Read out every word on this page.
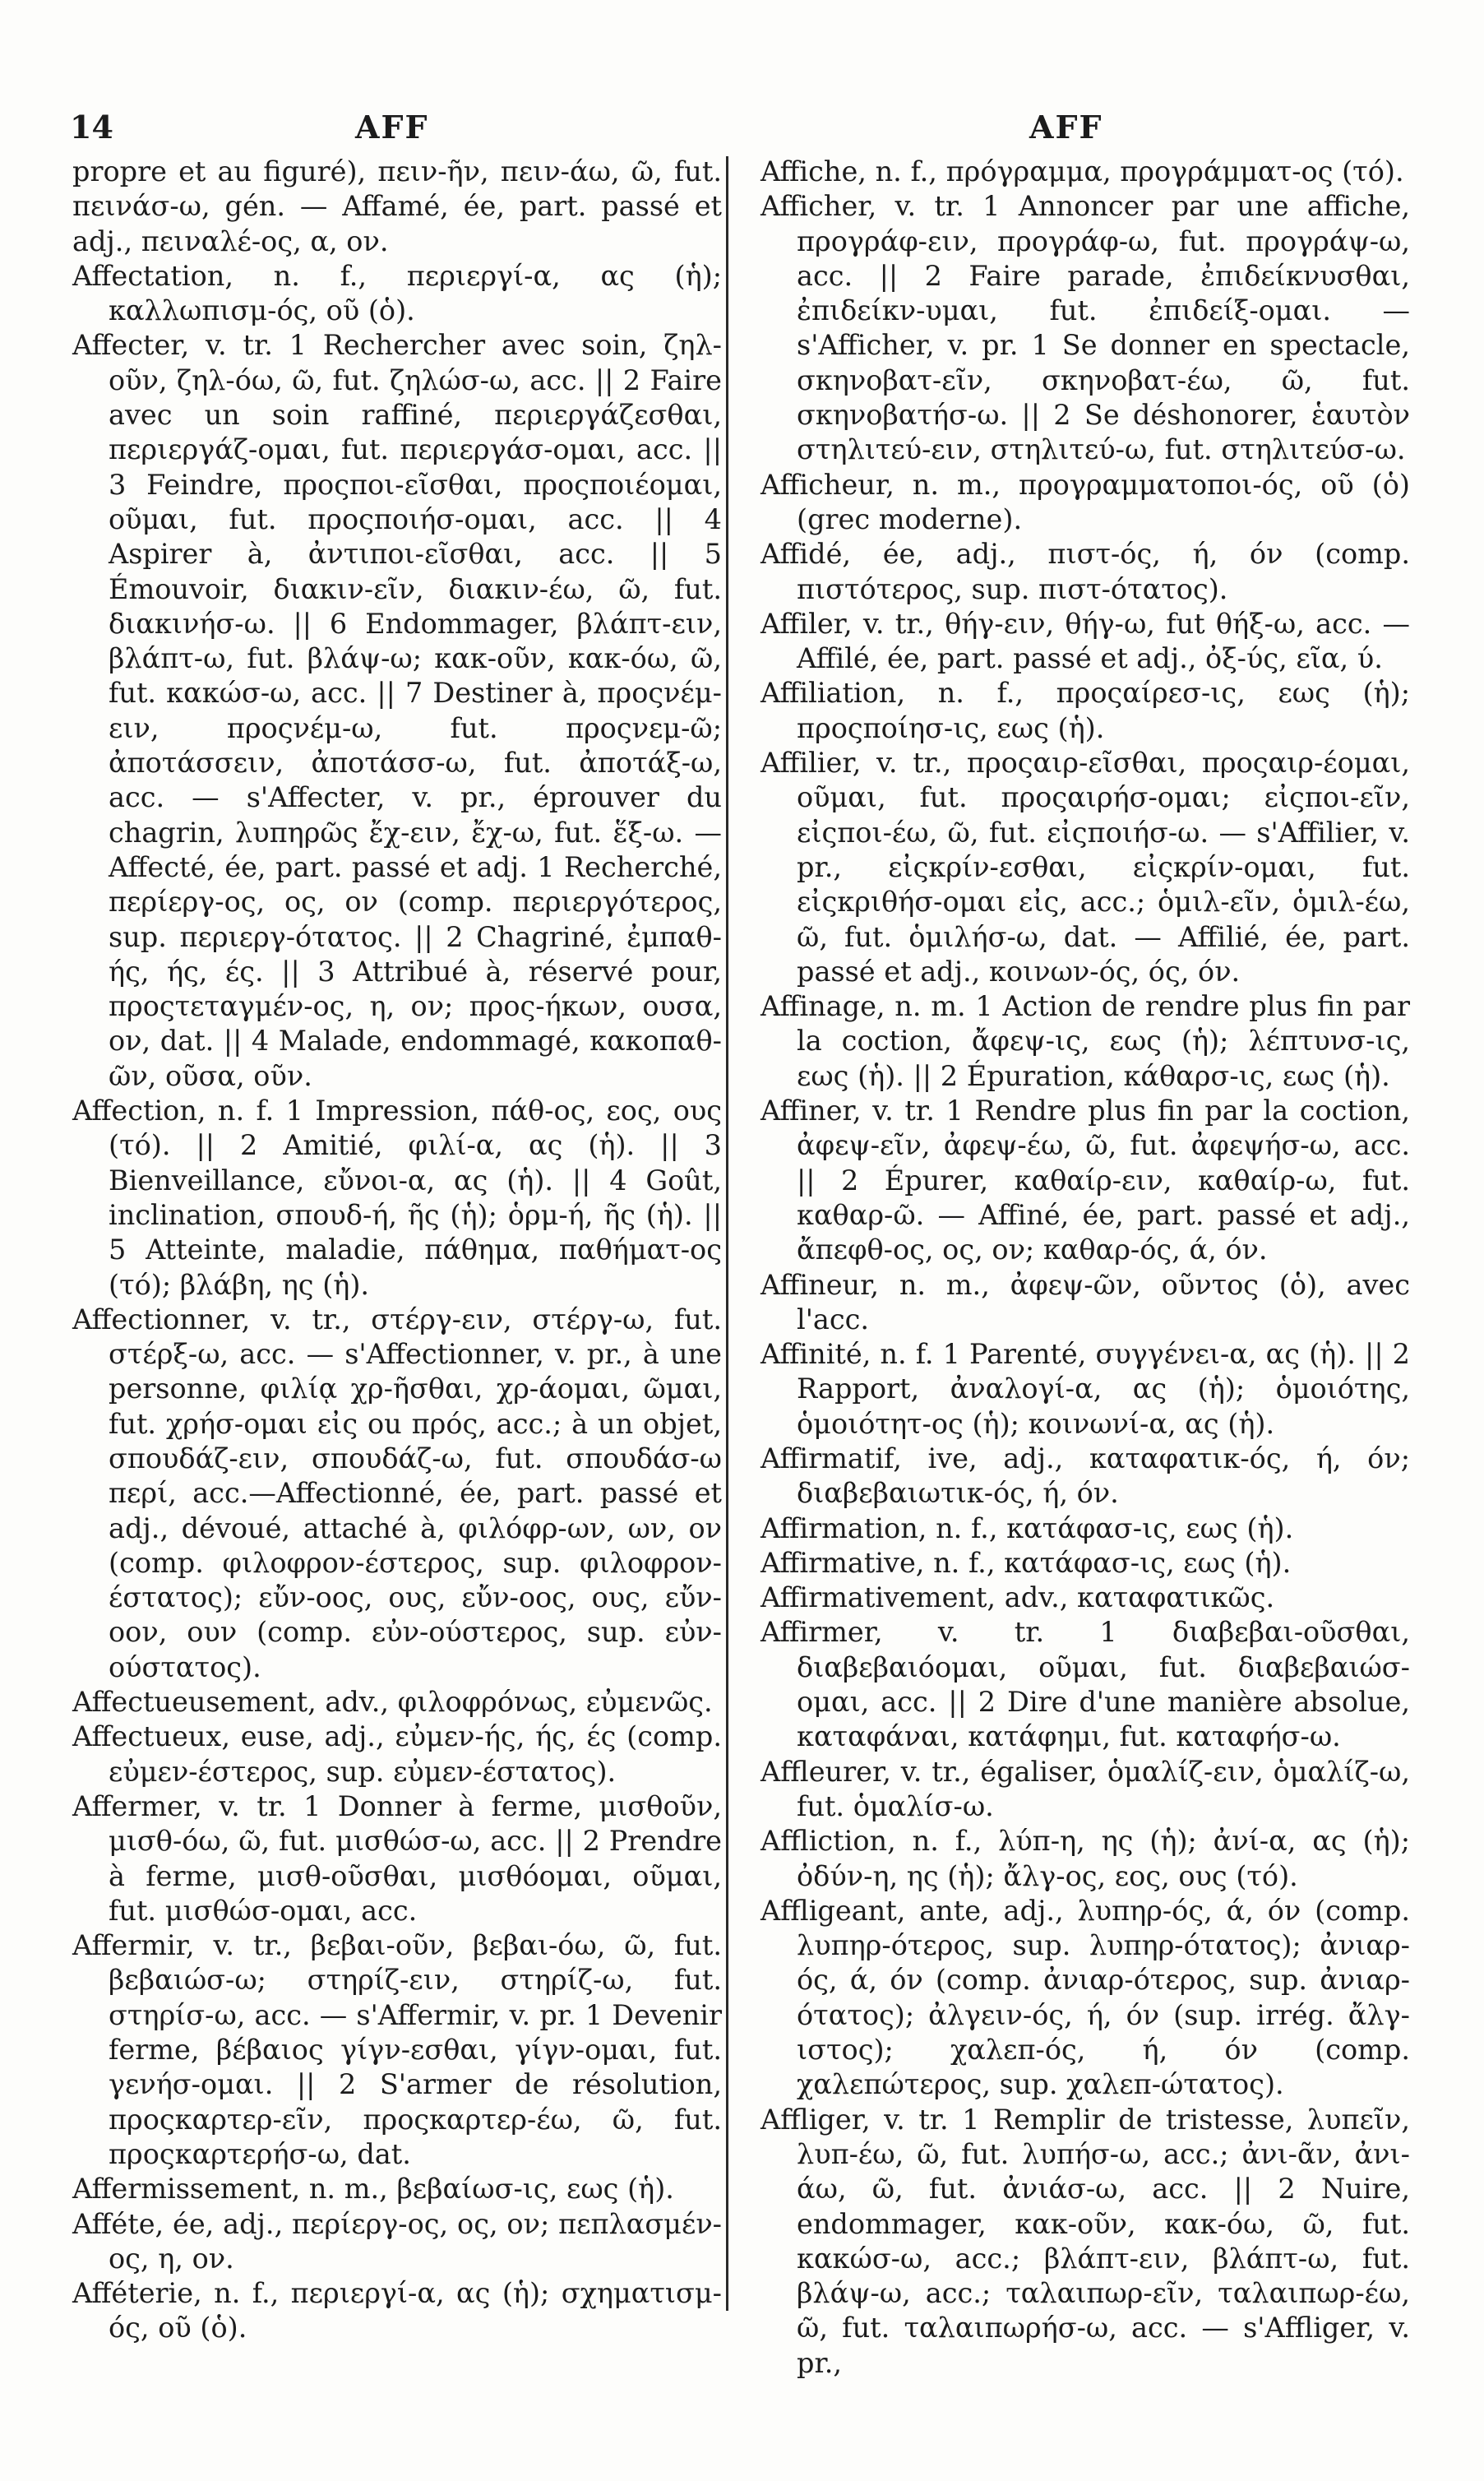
14	AFF	AFF

propre et au figuré), πειν-ῆν, πειν-άω, ῶ, fut. πεινάσ-ω, gén. — Affamé, ée, part. passé et adj., πειναλέ-ος, α, ον.

Affectation, n. f., περιεργί-α, ας (ἡ); καλλωπισμ-ός, οῦ (ὁ).

Affecter, v. tr. 1 Rechercher avec soin, ζηλ-οῦν, ζηλ-όω, ῶ, fut. ζηλώσ-ω, acc. || 2 Faire avec un soin raffiné, περιεργάζεσθαι, περιεργάζ-ομαι, fut. περιεργάσ-ομαι, acc. || 3 Feindre, προςποι-εῖσθαι, προςποιέομαι, οῦμαι, fut. προςποιήσ-ομαι, acc. || 4 Aspirer à, ἀντιποι-εῖσθαι, acc. || 5 Émouvoir, διακιν-εῖν, διακιν-έω, ῶ, fut. διακινήσ-ω. || 6 Endommager, βλάπτ-ειν, βλάπτ-ω, fut. βλάψ-ω; κακ-οῦν, κακ-όω, ῶ, fut. κακώσ-ω, acc. || 7 Destiner à, προςνέμ-ειν, προςνέμ-ω, fut. προςνεμ-ῶ; ἀποτάσσειν, ἀποτάσσ-ω, fut. ἀποτάξ-ω, acc. — s'Affecter, v. pr., éprouver du chagrin, λυπηρῶς ἔχ-ειν, ἔχ-ω, fut. ἕξ-ω. — Affecté, ée, part. passé et adj. 1 Recherché, περίεργ-ος, ος, ον (comp. περιεργότερος, sup. περιεργ-ότατος. || 2 Chagriné, ἐμπαθ-ής, ής, ές. || 3 Attribué à, réservé pour, προςτεταγμέν-ος, η, ον; προς-ήκων, ουσα, ον, dat. || 4 Malade, endommagé, κακοπαθ-ῶν, οῦσα, οῦν.

Affection, n. f. 1 Impression, πάθ-ος, εος, ους (τό). || 2 Amitié, φιλί-α, ας (ἡ). || 3 Bienveillance, εὔνοι-α, ας (ἡ). || 4 Goût, inclination, σπουδ-ή, ῆς (ἡ); ὁρμ-ή, ῆς (ἡ). || 5 Atteinte, maladie, πάθημα, παθήματ-ος (τό); βλάβη, ης (ἡ).

Affectionner, v. tr., στέργ-ειν, στέργ-ω, fut. στέρξ-ω, acc. — s'Affectionner, v. pr., à une personne, φιλίᾳ χρ-ῆσθαι, χρ-άομαι, ῶμαι, fut. χρήσ-ομαι εἰς ou πρός, acc.; à un objet, σπουδάζ-ειν, σπουδάζ-ω, fut. σπουδάσ-ω περί, acc.—Affectionné, ée, part. passé et adj., dévoué, attaché à, φιλόφρ-ων, ων, ον (comp. φιλοφρον-έστερος, sup. φιλοφρον-έστατος); εὔν-οος, ους, εὔν-οος, ους, εὔν-οον, ουν (comp. εὐν-ούστερος, sup. εὐν-ούστατος).

Affectueusement, adv., φιλοφρόνως, εὐμενῶς.

Affectueux, euse, adj., εὐμεν-ής, ής, ές (comp. εὐμεν-έστερος, sup. εὐμεν-έστατος).

Affermer, v. tr. 1 Donner à ferme, μισθοῦν, μισθ-όω, ῶ, fut. μισθώσ-ω, acc. || 2 Prendre à ferme, μισθ-οῦσθαι, μισθόομαι, οῦμαι, fut. μισθώσ-ομαι, acc.

Affermir, v. tr., βεβαι-οῦν, βεβαι-όω, ῶ, fut. βεβαιώσ-ω; στηρίζ-ειν, στηρίζ-ω, fut. στηρίσ-ω, acc. — s'Affermir, v. pr. 1 Devenir ferme, βέβαιος γίγν-εσθαι, γίγν-ομαι, fut. γενήσ-ομαι. || 2 S'armer de résolution, προςκαρτερ-εῖν, προςκαρτερ-έω, ῶ, fut. προςκαρτερήσ-ω, dat.

Affermissement, n. m., βεβαίωσ-ις, εως (ἡ).

Afféte, ée, adj., περίεργ-ος, ος, ον; πεπλασμέν-ος, η, ον.

Afféterie, n. f., περιεργί-α, ας (ἡ); σχηματισμ-ός, οῦ (ὁ).

Affiche, n. f., πρόγραμμα, προγράμματ-ος (τό).

Afficher, v. tr. 1 Annoncer par une affiche, προγράφ-ειν, προγράφ-ω, fut. προγράψ-ω, acc. || 2 Faire parade, ἐπιδείκνυσθαι, ἐπιδείκν-υμαι, fut. ἐπιδείξ-ομαι. — s'Afficher, v. pr. 1 Se donner en spectacle, σκηνοβατ-εῖν, σκηνοβατ-έω, ῶ, fut. σκηνοβατήσ-ω. || 2 Se déshonorer, ἑαυτὸν στηλιτεύ-ειν, στηλιτεύ-ω, fut. στηλιτεύσ-ω.

Afficheur, n. m., προγραμματοποι-ός, οῦ (ὁ) (grec moderne).

Affidé, ée, adj., πιστ-ός, ή, όν (comp. πιστότερος, sup. πιστ-ότατος).

Affiler, v. tr., θήγ-ειν, θήγ-ω, fut θήξ-ω, acc. — Affilé, ée, part. passé et adj., ὀξ-ύς, εῖα, ύ.

Affiliation, n. f., προςαίρεσ-ις, εως (ἡ); προςποίησ-ις, εως (ἡ).

Affilier, v. tr., προςαιρ-εῖσθαι, προςαιρ-έομαι, οῦμαι, fut. προςαιρήσ-ομαι; εἰςποι-εῖν, εἰςποι-έω, ῶ, fut. εἰςποιήσ-ω. — s'Affilier, v. pr., εἰςκρίν-εσθαι, εἰςκρίν-ομαι, fut. εἰςκριθήσ-ομαι εἰς, acc.; ὁμιλ-εῖν, ὁμιλ-έω, ῶ, fut. ὁμιλήσ-ω, dat. — Affilié, ée, part. passé et adj., κοινων-ός, ός, όν.

Affinage, n. m. 1 Action de rendre plus fin par la coction, ἄφεψ-ις, εως (ἡ); λέπτυνσ-ις, εως (ἡ). || 2 Épuration, κάθαρσ-ις, εως (ἡ).

Affiner, v. tr. 1 Rendre plus fin par la coction, ἀφεψ-εῖν, ἀφεψ-έω, ῶ, fut. ἀφεψήσ-ω, acc. || 2 Épurer, καθαίρ-ειν, καθαίρ-ω, fut. καθαρ-ῶ. — Affiné, ée, part. passé et adj., ἄπεφθ-ος, ος, ον; καθαρ-ός, ά, όν.

Affineur, n. m., ἀφεψ-ῶν, οῦντος (ὁ), avec l'acc.

Affinité, n. f. 1 Parenté, συγγένει-α, ας (ἡ). || 2 Rapport, ἀναλογί-α, ας (ἡ); ὁμοιότης, ὁμοιότητ-ος (ἡ); κοινωνί-α, ας (ἡ).

Affirmatif, ive, adj., καταφατικ-ός, ή, όν; διαβεβαιωτικ-ός, ή, όν.

Affirmation, n. f., κατάφασ-ις, εως (ἡ).

Affirmative, n. f., κατάφασ-ις, εως (ἡ).

Affirmativement, adv., καταφατικῶς.

Affirmer, v. tr. 1 διαβεβαι-οῦσθαι, διαβεβαιόομαι, οῦμαι, fut. διαβεβαιώσ-ομαι, acc. || 2 Dire d'une manière absolue, καταφάναι, κατάφημι, fut. καταφήσ-ω.

Affleurer, v. tr., égaliser, ὁμαλίζ-ειν, ὁμαλίζ-ω, fut. ὁμαλίσ-ω.

Affliction, n. f., λύπ-η, ης (ἡ); ἀνί-α, ας (ἡ); ὀδύν-η, ης (ἡ); ἄλγ-ος, εος, ους (τό).

Affligeant, ante, adj., λυπηρ-ός, ά, όν (comp. λυπηρ-ότερος, sup. λυπηρ-ότατος); ἀνιαρ-ός, ά, όν (comp. ἀνιαρ-ότερος, sup. ἀνιαρ-ότατος); ἀλγειν-ός, ή, όν (sup. irrég. ἄλγ-ιστος); χαλεπ-ός, ή, όν (comp. χαλεπώτερος, sup. χαλεπ-ώτατος).

Affliger, v. tr. 1 Remplir de tristesse, λυπεῖν, λυπ-έω, ῶ, fut. λυπήσ-ω, acc.; ἀνι-ᾶν, ἀνι-άω, ῶ, fut. ἀνιάσ-ω, acc. || 2 Nuire, endommager, κακ-οῦν, κακ-όω, ῶ, fut. κακώσ-ω, acc.; βλάπτ-ειν, βλάπτ-ω, fut. βλάψ-ω, acc.; ταλαιπωρ-εῖν, ταλαιπωρ-έω, ῶ, fut. ταλαιπωρήσ-ω, acc. — s'Affliger, v. pr.,
